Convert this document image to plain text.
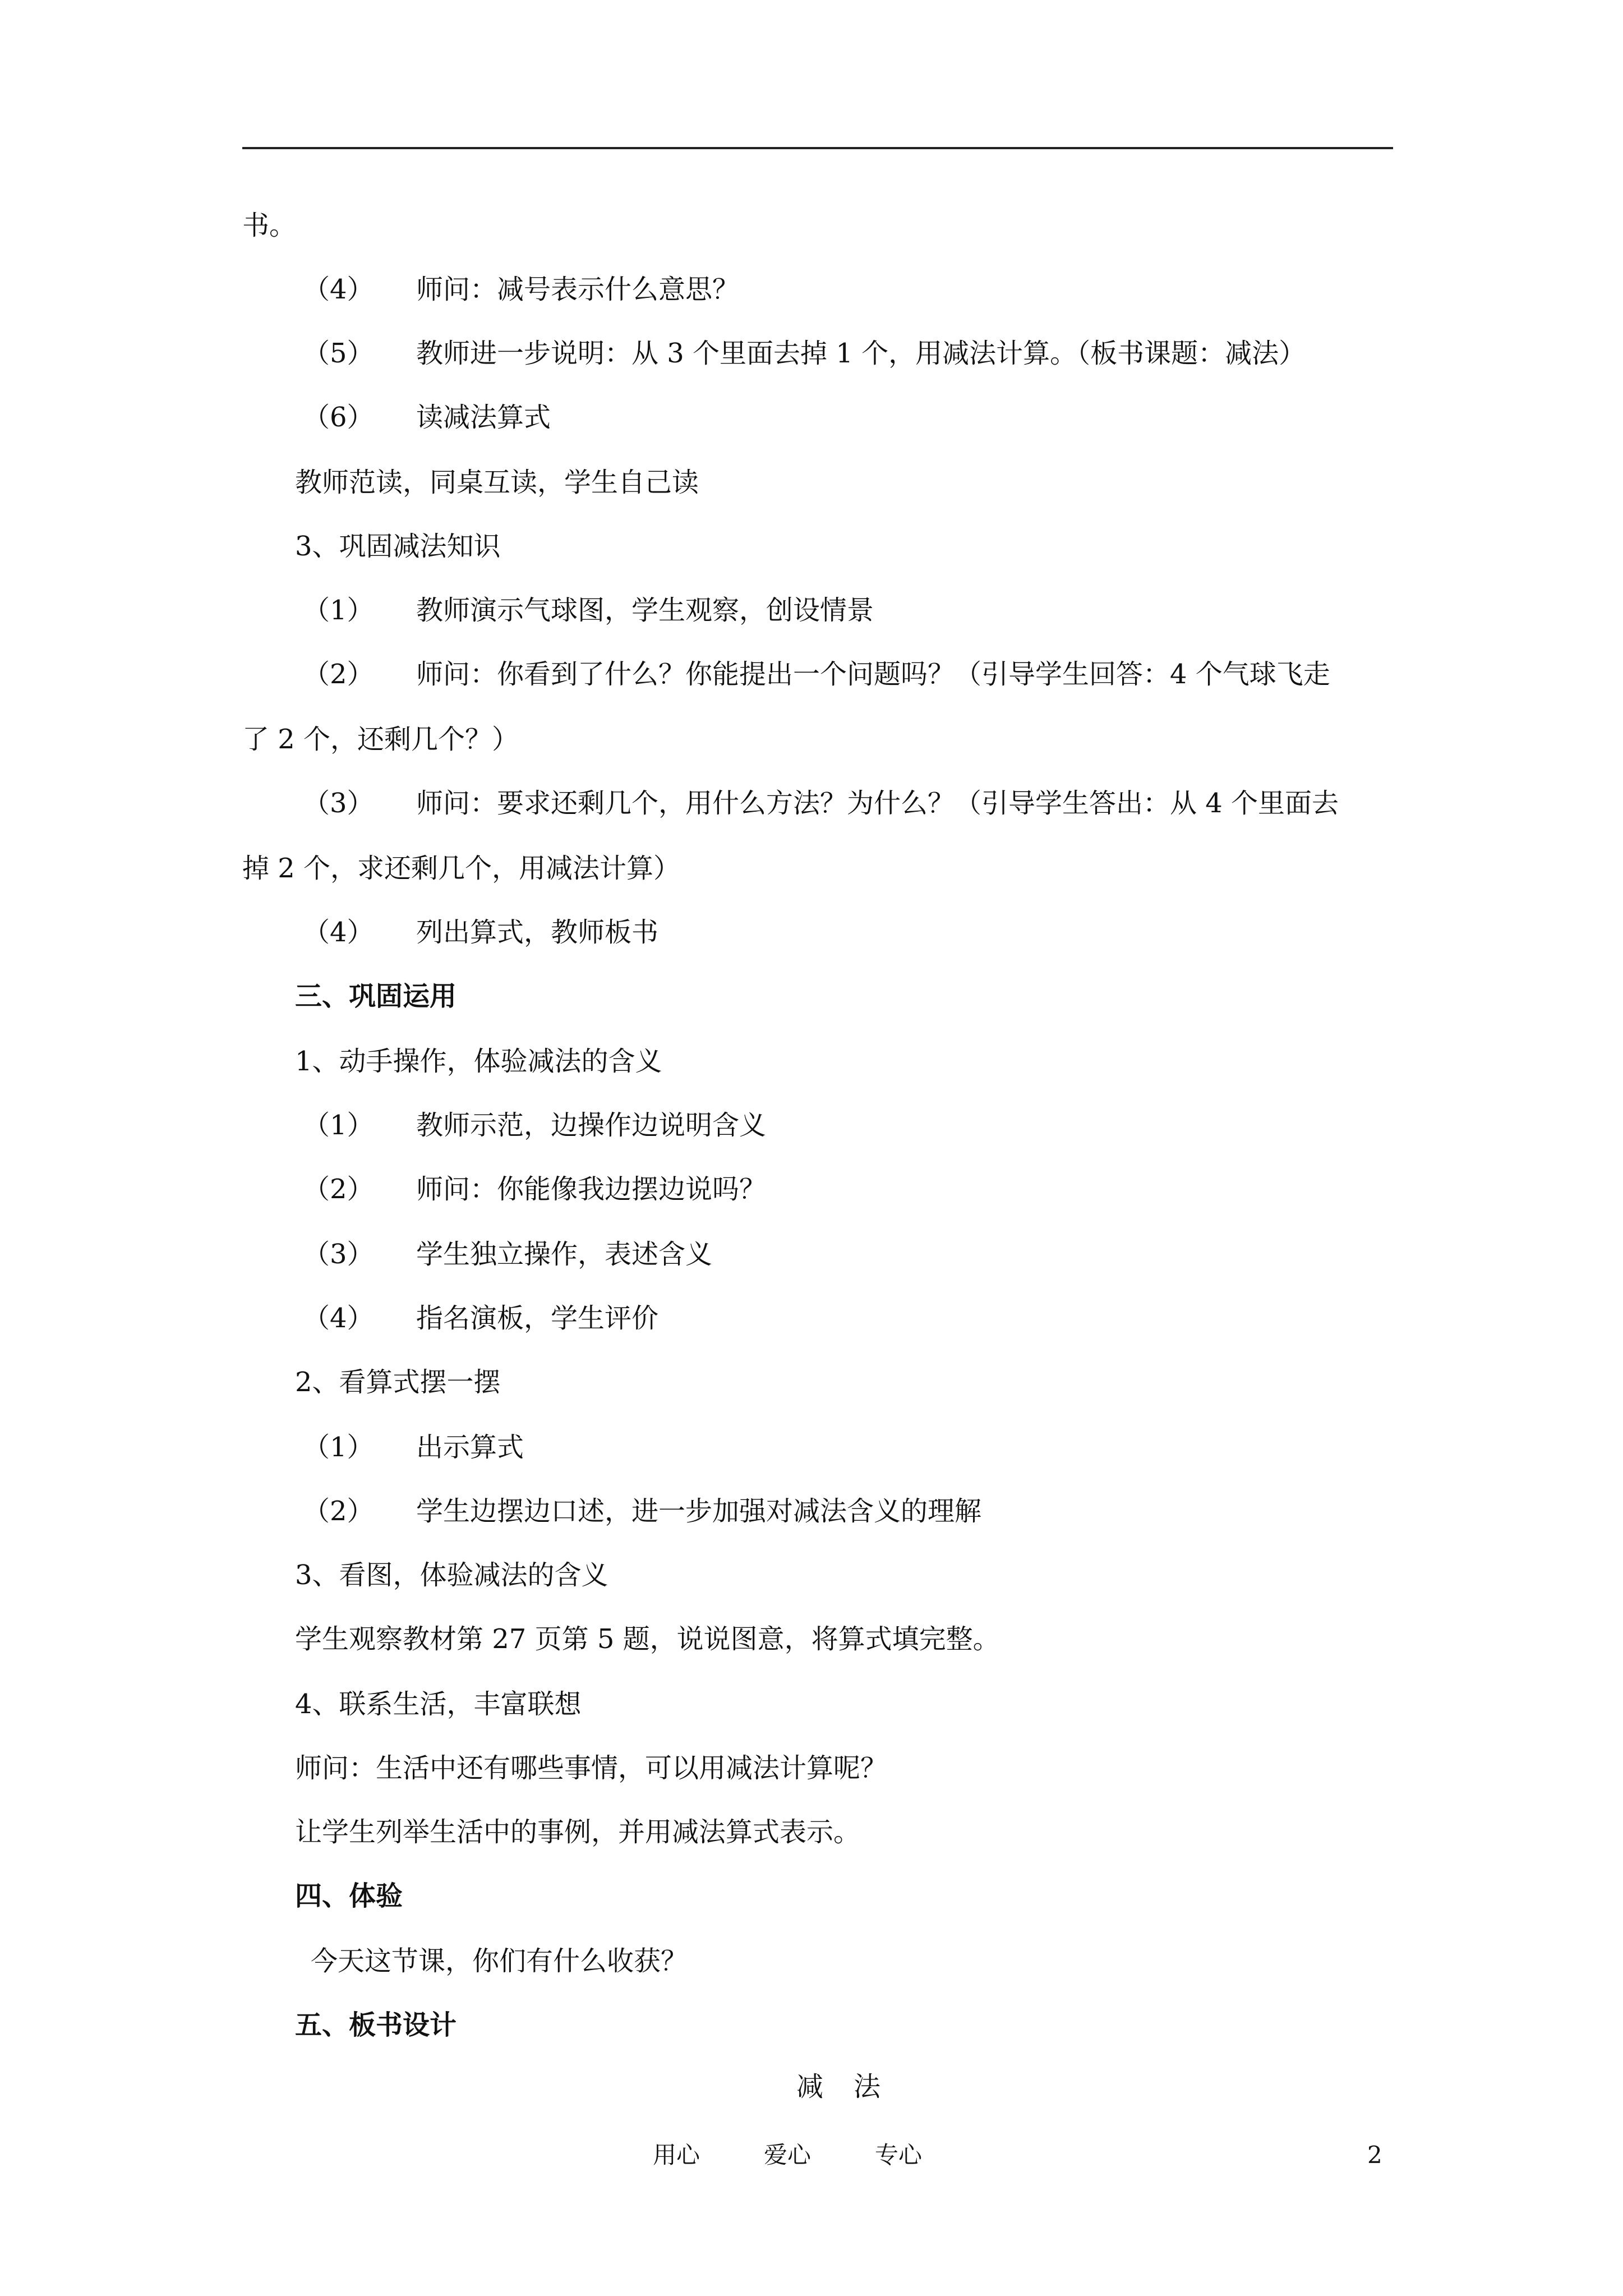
书。
（4） 师问：减号表示什么意思？
（5） 教师进一步说明：从 3 个里面去掉 1 个，用减法计算。（板书课题：减法）
（6） 读减法算式
教师范读，同桌互读，学生自己读
3、巩固减法知识
（1） 教师演示气球图，学生观察，创设情景
（2） 师问：你看到了什么？你能提出一个问题吗？（引导学生回答：4 个气球飞走
了 2 个，还剩几个？）
（3） 师问：要求还剩几个，用什么方法？为什么？（引导学生答出：从 4 个里面去
掉 2 个，求还剩几个，用减法计算）
（4） 列出算式，教师板书
三、巩固运用
1、动手操作，体验减法的含义
（1） 教师示范，边操作边说明含义
（2） 师问：你能像我边摆边说吗？
（3） 学生独立操作，表述含义
（4） 指名演板，学生评价
2、看算式摆一摆
（1） 出示算式
（2） 学生边摆边口述，进一步加强对减法含义的理解
3、看图，体验减法的含义
学生观察教材第 27 页第 5 题，说说图意，将算式填完整。
4、联系生活，丰富联想
师问：生活中还有哪些事情，可以用减法计算呢？
让学生列举生活中的事例，并用减法算式表示。
四、体验
今天这节课，你们有什么收获？
五、板书设计
减法
用心	爱心	专心	2
